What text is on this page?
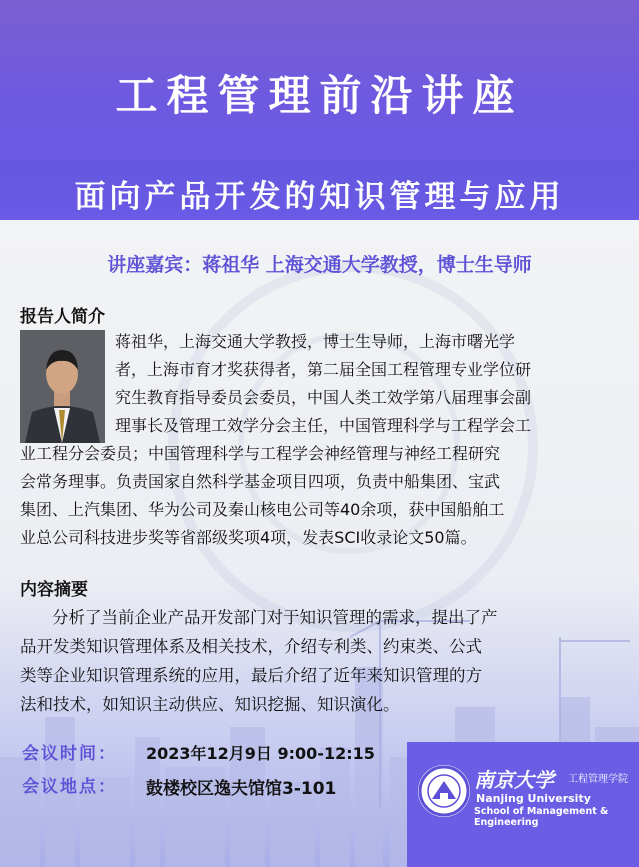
工程管理前沿讲座
面向产品开发的知识管理与应用
讲座嘉宾：蒋祖华 上海交通大学教授，博士生导师
报告人简介
蒋祖华，上海交通大学教授，博士生导师，上海市曙光学
者，上海市育才奖获得者，第二届全国工程管理专业学位研
究生教育指导委员会委员，中国人类工效学第八届理事会副
理事长及管理工效学分会主任，中国管理科学与工程学会工
业工程分会委员；中国管理科学与工程学会神经管理与神经工程研究
会常务理事。负责国家自然科学基金项目四项，负责中船集团、宝武
集团、上汽集团、华为公司及秦山核电公司等40余项，获中国船舶工
业总公司科技进步奖等省部级奖项4项，发表SCI收录论文50篇。
内容摘要
分析了当前企业产品开发部门对于知识管理的需求，提出了产
品开发类知识管理体系及相关技术，介绍专利类、约束类、公式
类等企业知识管理系统的应用，最后介绍了近年来知识管理的方
法和技术，如知识主动供应、知识挖掘、知识演化。
会议时间： 2023年12月9日 9:00-12:15
会议地点： 鼓楼校区逸夫馆馆3-101	南京大学 工程管理学院
Nanjing University
School of Management & Engineering
